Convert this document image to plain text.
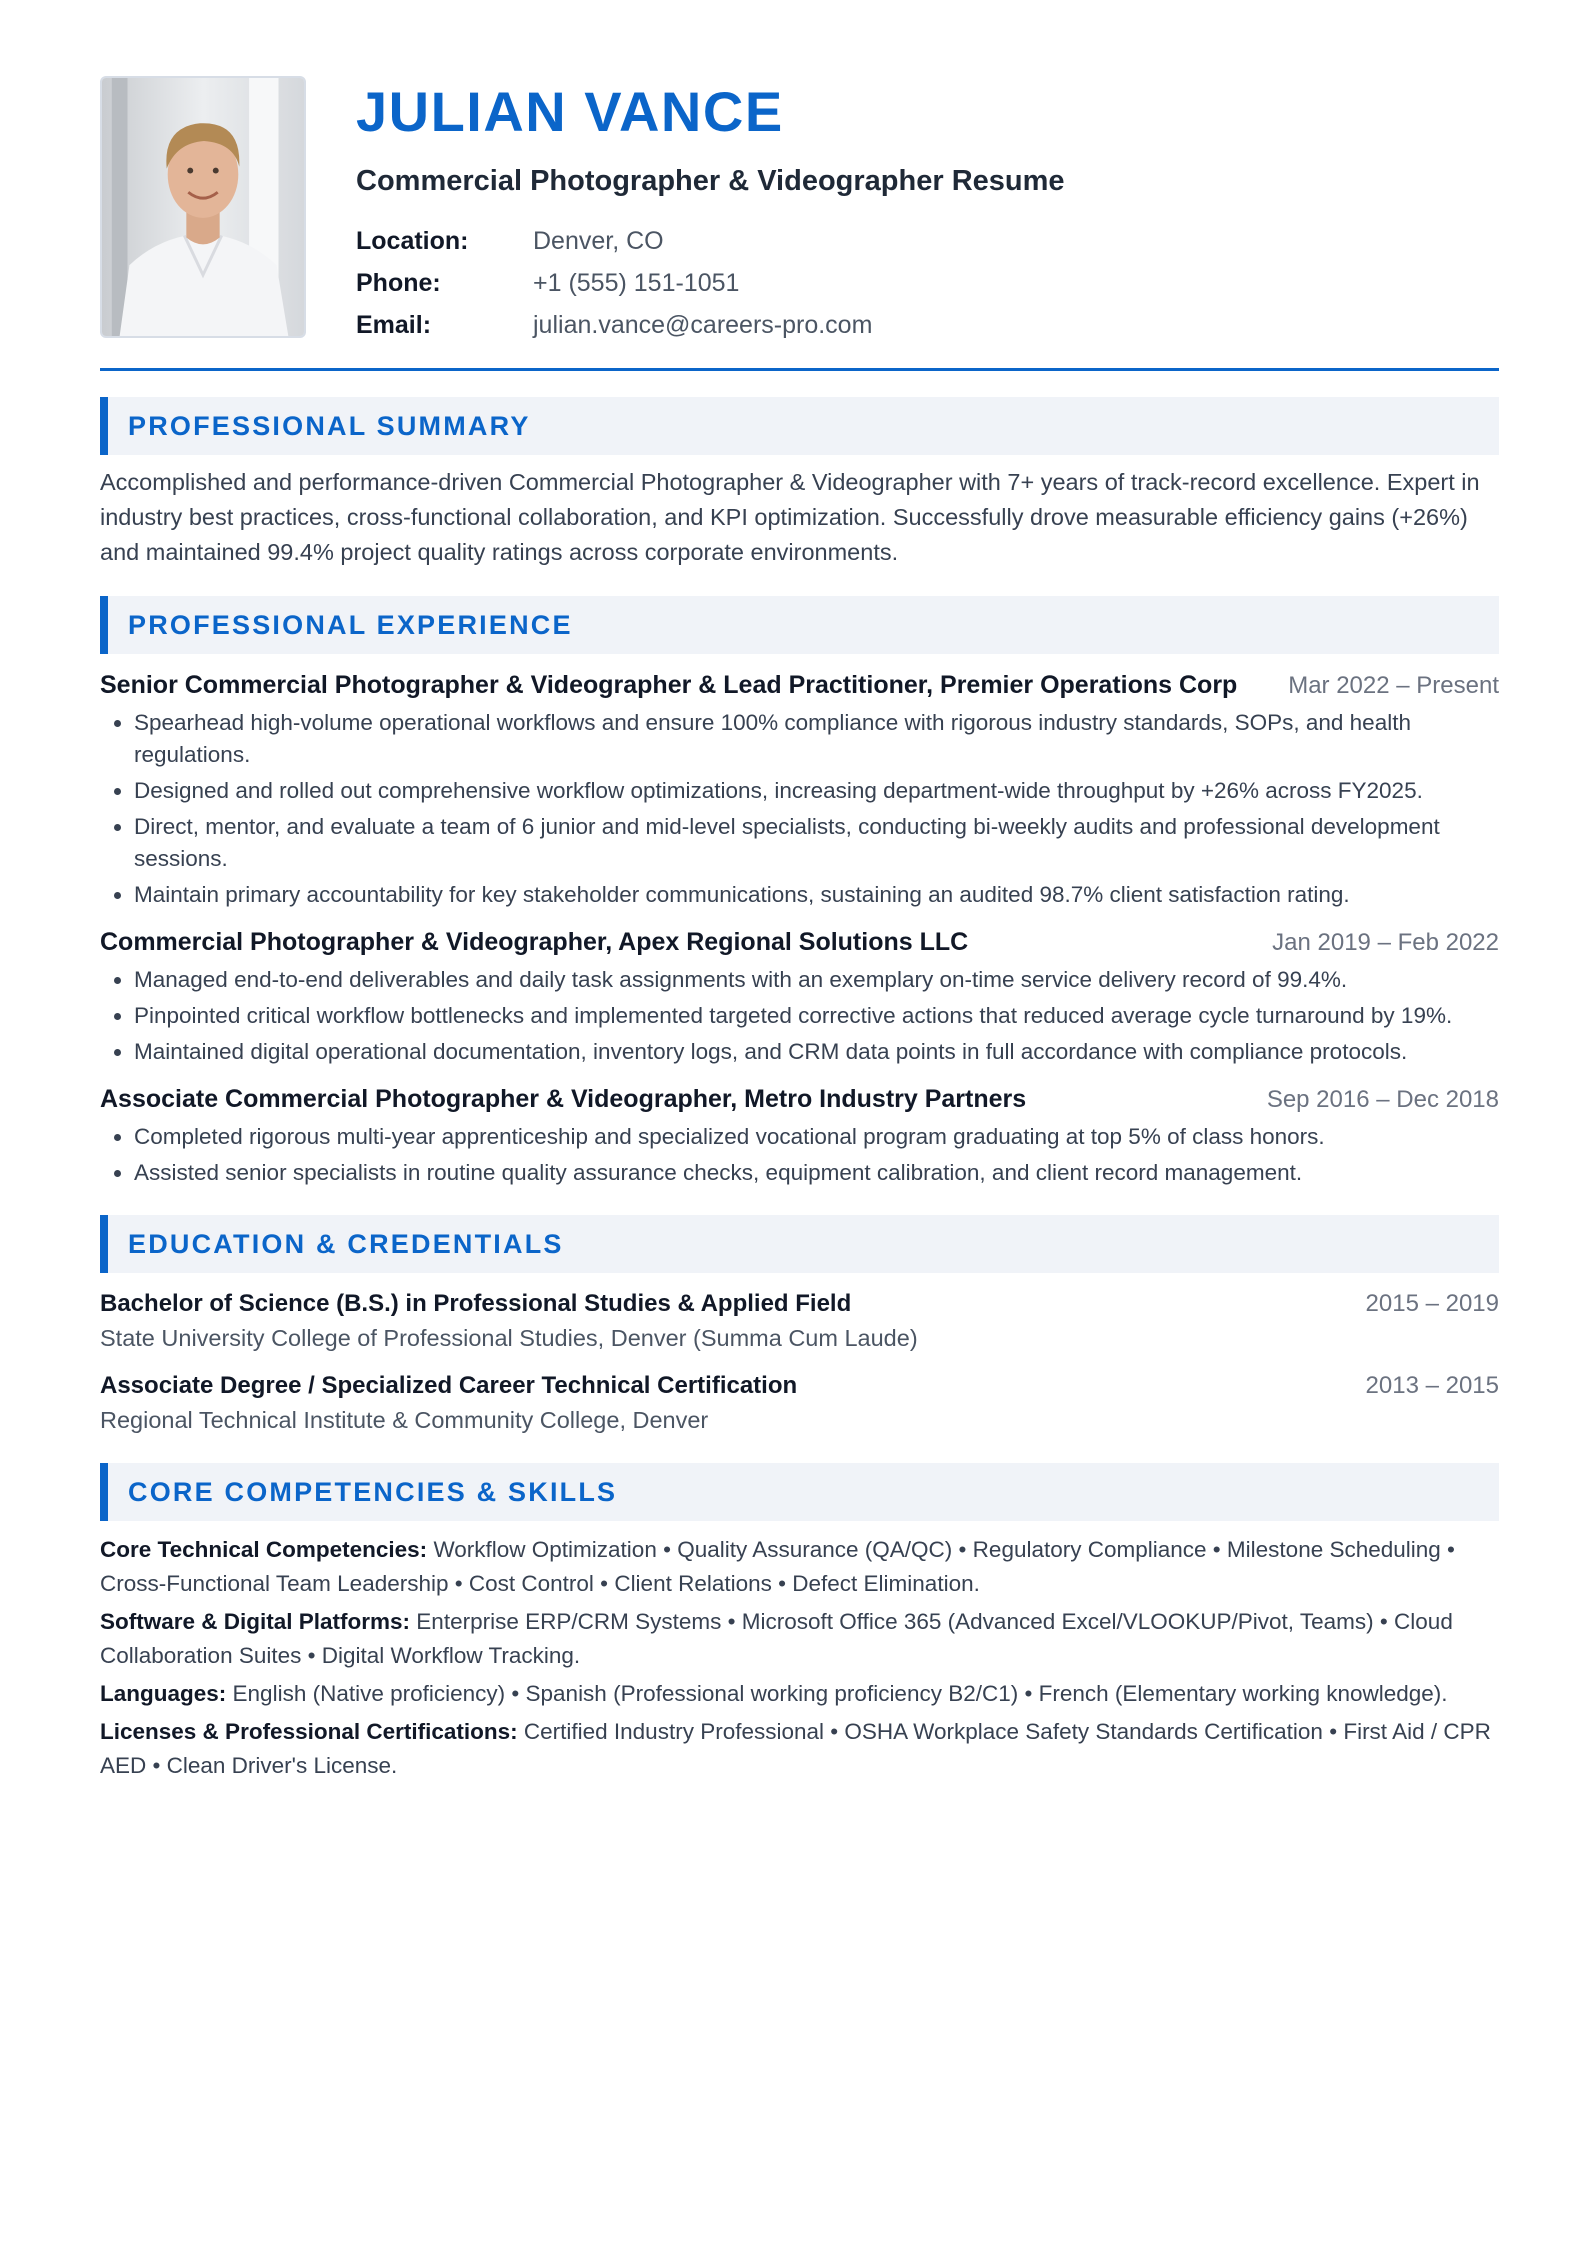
JULIAN VANCE
Commercial Photographer & Videographer Resume
Location:	Denver, CO
Phone:	+1 (555) 151-1051
Email:	julian.vance@careers-pro.com
PROFESSIONAL SUMMARY
Accomplished and performance-driven Commercial Photographer & Videographer with 7+ years of track-record excellence. Expert in industry best practices, cross-functional collaboration, and KPI optimization. Successfully drove measurable efficiency gains (+26%) and maintained 99.4% project quality ratings across corporate environments.
PROFESSIONAL EXPERIENCE
Senior Commercial Photographer & Videographer & Lead Practitioner, Premier Operations Corp Mar 2022 – Present
• Spearhead high-volume operational workflows and ensure 100% compliance with rigorous industry standards, SOPs, and health regulations.
• Designed and rolled out comprehensive workflow optimizations, increasing department-wide throughput by +26% across FY2025.
• Direct, mentor, and evaluate a team of 6 junior and mid-level specialists, conducting bi-weekly audits and professional development sessions.
• Maintain primary accountability for key stakeholder communications, sustaining an audited 98.7% client satisfaction rating.
Commercial Photographer & Videographer, Apex Regional Solutions LLC	Jan 2019 – Feb 2022
• Managed end-to-end deliverables and daily task assignments with an exemplary on-time service delivery record of 99.4%.
• Pinpointed critical workflow bottlenecks and implemented targeted corrective actions that reduced average cycle turnaround by 19%.
• Maintained digital operational documentation, inventory logs, and CRM data points in full accordance with compliance protocols.
Associate Commercial Photographer & Videographer, Metro Industry Partners	Sep 2016 – Dec 2018
• Completed rigorous multi-year apprenticeship and specialized vocational program graduating at top 5% of class honors.
• Assisted senior specialists in routine quality assurance checks, equipment calibration, and client record management.
EDUCATION & CREDENTIALS
Bachelor of Science (B.S.) in Professional Studies & Applied Field	2015 – 2019
State University College of Professional Studies, Denver (Summa Cum Laude)
Associate Degree / Specialized Career Technical Certification	2013 – 2015
Regional Technical Institute & Community College, Denver
CORE COMPETENCIES & SKILLS
Core Technical Competencies: Workflow Optimization • Quality Assurance (QA/QC) • Regulatory Compliance • Milestone Scheduling • Cross-Functional Team Leadership • Cost Control • Client Relations • Defect Elimination.
Software & Digital Platforms: Enterprise ERP/CRM Systems • Microsoft Office 365 (Advanced Excel/VLOOKUP/Pivot, Teams) • Cloud Collaboration Suites • Digital Workflow Tracking.
Languages: English (Native proficiency) • Spanish (Professional working proficiency B2/C1) • French (Elementary working knowledge).
Licenses & Professional Certifications: Certified Industry Professional • OSHA Workplace Safety Standards Certification • First Aid / CPR AED • Clean Driver's License.
